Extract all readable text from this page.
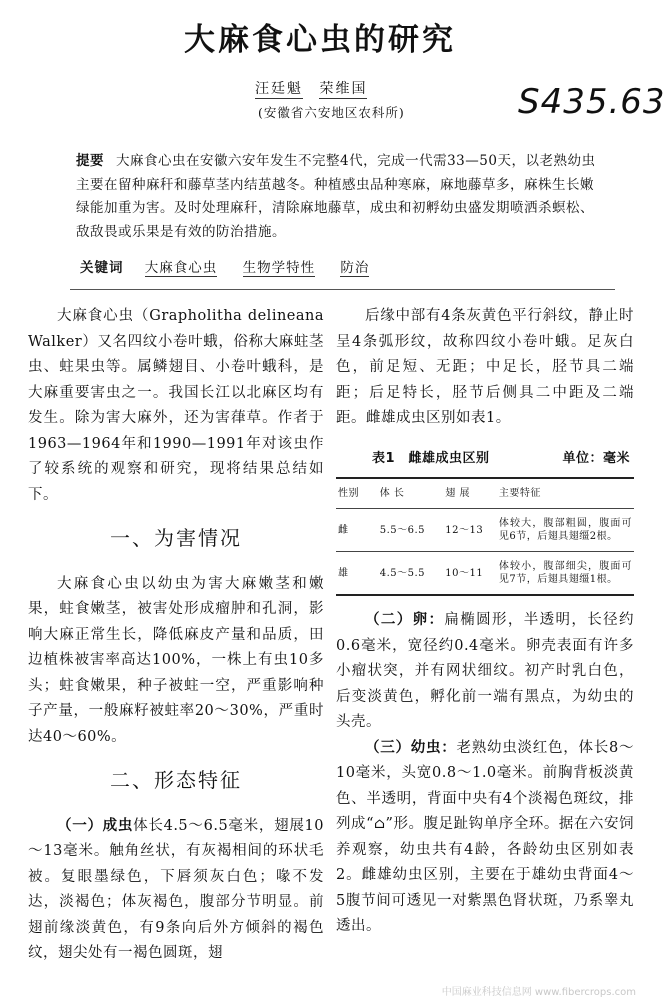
大麻食心虫的研究
汪廷魁 荣维国
(安徽省六安地区农科所)	S435.63
提要 大麻食心虫在安徽六安年发生不完整4代，完成一代需33—50天，以老熟幼虫主要在留种麻秆和藤草茎内结茧越冬。种植感虫品种寒麻，麻地藤草多，麻株生长嫩绿能加重为害。及时处理麻秆，清除麻地藤草，成虫和初孵幼虫盛发期喷洒杀螟松、敌敌畏或乐果是有效的防治措施。
关键词 大麻食心虫 生物学特性 防治

大麻食心虫（Grapholitha delineana Walker）又名四纹小卷叶蛾，俗称大麻蛀茎虫、蛀果虫等。属鳞翅目、小卷叶蛾科，是大麻重要害虫之一。我国长江以北麻区均有发生。除为害大麻外，还为害葎草。作者于1963—1964年和1990—1991年对该虫作了较系统的观察和研究，现将结果总结如下。

一、为害情况

大麻食心虫以幼虫为害大麻嫩茎和嫩果，蛀食嫩茎，被害处形成瘤肿和孔洞，影响大麻正常生长，降低麻皮产量和品质，田边植株被害率高达100%，一株上有虫10多头；蛀食嫩果，种子被蛀一空，严重影响种子产量，一般麻籽被蛀率20～30%，严重时达40～60%。

二、形态特征

（一）成虫体长4.5～6.5毫米，翅展10～13毫米。触角丝状，有灰褐相间的环状毛被。复眼墨绿色，下唇须灰白色；喙不发达，淡褐色；体灰褐色，腹部分节明显。前翅前缘淡黄色，有9条向后外方倾斜的褐色纹，翅尖处有一褐色圆斑，翅

后缘中部有4条灰黄色平行斜纹，静止时呈4条弧形纹，故称四纹小卷叶蛾。足灰白色，前足短、无距；中足长，胫节具二端距；后足特长，胫节后侧具二中距及二端距。雌雄成虫区别如表1。

表1　雌雄成虫区别	单位：毫米
性别	体 长	翅 展	主要特征
雌	5.5～6.5	12～13	体较大，腹部粗圆，腹面可见6节，后翅具翅缰2根。
雄	4.5～5.5	10～11	体较小，腹部细尖，腹面可见7节，后翅具翅缰1根。

（二）卵：扁椭圆形，半透明，长径约0.6毫米，宽径约0.4毫米。卵壳表面有许多小瘤状突，并有网状细纹。初产时乳白色，后变淡黄色，孵化前一端有黑点，为幼虫的头壳。

（三）幼虫：老熟幼虫淡红色，体长8～10毫米，头宽0.8～1.0毫米。前胸背板淡黄色、半透明，背面中央有4个淡褐色斑纹，排列成“⌂”形。腹足趾钩单序全环。据在六安饲养观察，幼虫共有4龄，各龄幼虫区别如表2。雌雄幼虫区别，主要在于雄幼虫背面4～5腹节间可透见一对紫黑色肾状斑，乃系睾丸透出。

中国麻业科技信息网 www.fibercrops.com
